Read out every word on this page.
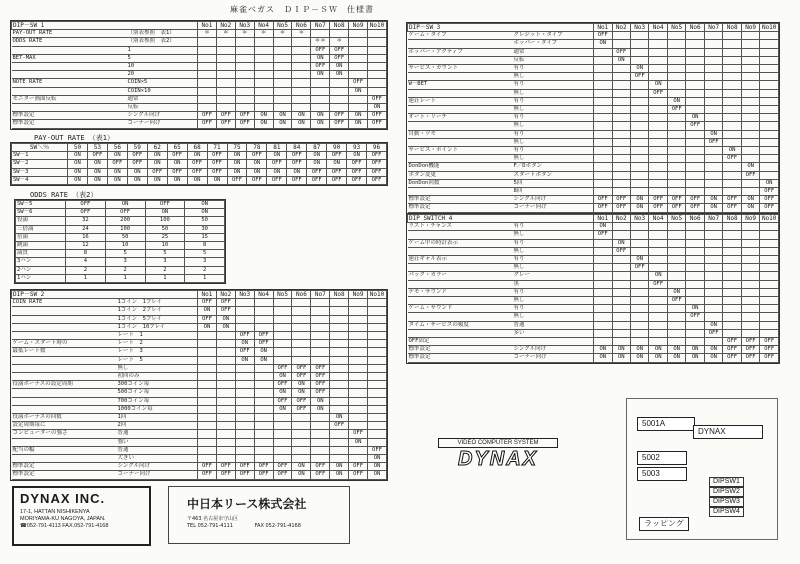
麻雀ベガス　ＤＩＰ－ＳＷ　仕様書
DIP－SW 1		No1	No2	No3	No4	No5	No6	No7	No8	No9	No10
PAY-OUT RATE	（別表参照　表1）	＊	＊	＊	＊	＊	＊				
ODDS RATE	（別表参照　表2）							＊＊	＊		
	1							OFF	OFF		
BET-MAX	5							ON	OFF		
	10							OFF	ON		
	20							ON	ON		
NOTE RATE	COIN×5									OFF	
	COIN×10									ON	
モニター画面反転	通常										OFF
	反転										ON
標準設定	シングル向け	OFF	OFF	OFF	ON	ON	ON	ON	OFF	ON	OFF
標準設定	コーナー向け	OFF	OFF	OFF	ON	ON	ON	ON	OFF	ON	OFF
PAY-OUT RATE （表1）
SW＼％	50	53	56	59	62	65	68	71	75	78	81	84	87	90	93	96
SW－1	ON	OFF	ON	OFF	ON	OFF	ON	OFF	ON	OFF	ON	OFF	ON	OFF	ON	OFF
SW－2	ON	ON	OFF	OFF	ON	ON	OFF	OFF	ON	ON	OFF	OFF	ON	ON	OFF	OFF
SW－3	ON	ON	ON	ON	OFF	OFF	OFF	OFF	ON	ON	ON	ON	OFF	OFF	OFF	OFF
SW－4	ON	ON	ON	ON	ON	ON	ON	ON	OFF	OFF	OFF	OFF	OFF	OFF	OFF	OFF
ODDS RATE （表2）
SW－5	OFF	ON	OFF	ON
SW－6	OFF	OFF	ON	ON
役満	32	200	100	50
三倍満	24	100	50	30
倍満	16	50	25	15
跳満	12	10	10	8
満貫	8	5	5	5
3ハン	4	3	3	3
2ハン	2	2	2	2
1ハン	1	1	1	1
DIP－SW 2		No1	No2	No3	No4	No5	No6	No7	No8	No9	No10
COIN RATE	1コイン　1プレイ	OFF	OFF								
	1コイン　2プレイ	ON	OFF								
	1コイン　5プレイ	OFF	ON								
	1コイン　10プレイ	ON	ON								
	レート　1			OFF	OFF						
ゲーム・スタート時の	レート　2			ON	OFF						
最低レート数	レート　3			OFF	ON						
	レート　5			ON	ON						
	無し					OFF	OFF	OFF			
	初回のみ					ON	OFF	OFF			
役満ボーナスの設定周期	300コイン毎					OFF	ON	OFF			
	500コイン毎					ON	ON	OFF			
	700コイン毎					OFF	OFF	ON			
	1000コイン毎					ON	OFF	ON			
役満ボーナスの回数	1回								ON		
設定周期毎に	2回								OFF		
コンピューターの強さ	普通									OFF	
	強い									ON	
配当の幅	普通										OFF
	大きい										ON
標準設定	シングル向け	OFF	OFF	OFF	OFF	OFF	ON	OFF	ON	OFF	ON
標準設定	コーナー向け	OFF	OFF	OFF	OFF	OFF	ON	OFF	ON	OFF	ON
DIP－SW 3		No1	No2	No3	No4	No5	No6	No7	No8	No9	No10
ゲーム・タイプ	クレジット・タイプ	OFF									
	ホッパー・タイプ	ON									
ホッパー・アクティブ	通常		OFF								
	反転		ON								
サービス・カウント	有り			ON							
	無し			OFF							
W－BET	有り				ON						
	無し				OFF						
連荘レート	有り					ON					
	無し					OFF					
オート・リーチ	有り						ON				
	無し						OFF				
自動・ツモ	有り							ON			
	無し							OFF			
サービス・ポイント	有り								ON		
	無し								OFF		
DonDon機能	F／Dボタン									ON	
ボタン変更	スタートボタン									OFF	
DonDon回数	5回										ON
	8回										OFF
標準設定	シングル向け	OFF	OFF	ON	OFF	OFF	OFF	ON	OFF	ON	OFF
標準設定	コーナー向け	OFF	OFF	ON	OFF	OFF	OFF	ON	OFF	ON	OFF
DIP SWITCH 4		No1	No2	No3	No4	No5	No6	No7	No8	No9	No10
ラスト・チャンス	有り	ON									
	無し	OFF									
ゲーム中の時計表示	有り		ON								
	無し		OFF								
連荘ギャル表示	有り			ON							
	無し			OFF							
バック・カラー	グレー				ON						
	黒				OFF						
デモ・サウンド	有り					ON					
	無し					OFF					
ゲーム・サウンド	有り						ON				
	無し						OFF				
タイム・サービスの頻度	普通							ON			
	多い							OFF			
OFF固定									OFF	OFF	OFF
標準設定	シングル向け	ON	ON	ON	ON	ON	ON	ON	OFF	OFF	OFF
標準設定	コーナー向け	ON	ON	ON	ON	ON	ON	ON	OFF	OFF	OFF
DYNAX INC.
17-1, HATTAN NISHIKENYA
MORIYAMA-KU NAGOYA, JAPAN.
☎052-791-4113 FAX.052-791-4168
中日本リース株式会社
〒463 名古屋市守山区
TEL 052-791-4111	FAX 052-791-4168
VIDEO COMPUTER SYSTEM
DYNAX
5001A
DYNAX
5002
5003
DIPSW1
DIPSW2
DIPSW3
DIPSW4
ラッピング
